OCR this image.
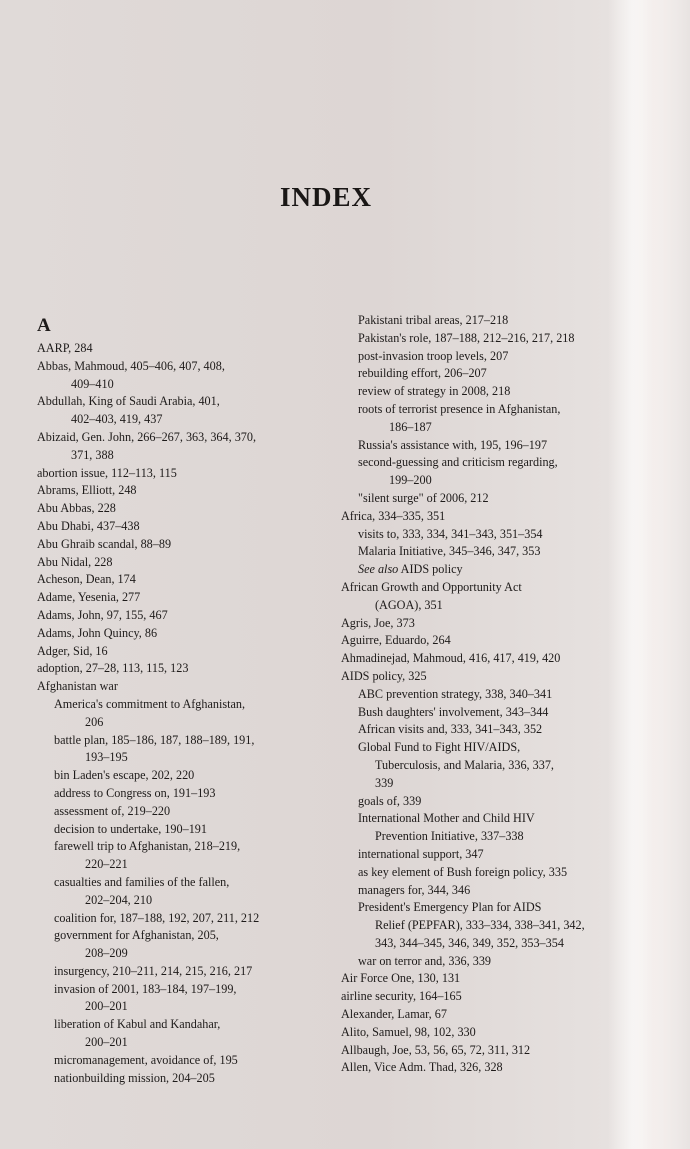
INDEX
A
AARP, 284
Abbas, Mahmoud, 405–406, 407, 408,
409–410
Abdullah, King of Saudi Arabia, 401,
402–403, 419, 437
Abizaid, Gen. John, 266–267, 363, 364, 370,
371, 388
abortion issue, 112–113, 115
Abrams, Elliott, 248
Abu Abbas, 228
Abu Dhabi, 437–438
Abu Ghraib scandal, 88–89
Abu Nidal, 228
Acheson, Dean, 174
Adame, Yesenia, 277
Adams, John, 97, 155, 467
Adams, John Quincy, 86
Adger, Sid, 16
adoption, 27–28, 113, 115, 123
Afghanistan war
America's commitment to Afghanistan,
206
battle plan, 185–186, 187, 188–189, 191,
193–195
bin Laden's escape, 202, 220
address to Congress on, 191–193
assessment of, 219–220
decision to undertake, 190–191
farewell trip to Afghanistan, 218–219,
220–221
casualties and families of the fallen,
202–204, 210
coalition for, 187–188, 192, 207, 211, 212
government for Afghanistan, 205,
208–209
insurgency, 210–211, 214, 215, 216, 217
invasion of 2001, 183–184, 197–199,
200–201
liberation of Kabul and Kandahar,
200–201
micromanagement, avoidance of, 195
nationbuilding mission, 204–205
Pakistani tribal areas, 217–218
Pakistan's role, 187–188, 212–216, 217, 218
post-invasion troop levels, 207
rebuilding effort, 206–207
review of strategy in 2008, 218
roots of terrorist presence in Afghanistan,
186–187
Russia's assistance with, 195, 196–197
second-guessing and criticism regarding,
199–200
"silent surge" of 2006, 212
Africa, 334–335, 351
visits to, 333, 334, 341–343, 351–354
Malaria Initiative, 345–346, 347, 353
See also AIDS policy
African Growth and Opportunity Act
(AGOA), 351
Agris, Joe, 373
Aguirre, Eduardo, 264
Ahmadinejad, Mahmoud, 416, 417, 419, 420
AIDS policy, 325
ABC prevention strategy, 338, 340–341
Bush daughters' involvement, 343–344
African visits and, 333, 341–343, 352
Global Fund to Fight HIV/AIDS,
Tuberculosis, and Malaria, 336, 337,
339
goals of, 339
International Mother and Child HIV
Prevention Initiative, 337–338
international support, 347
as key element of Bush foreign policy, 335
managers for, 344, 346
President's Emergency Plan for AIDS
Relief (PEPFAR), 333–334, 338–341, 342,
343, 344–345, 346, 349, 352, 353–354
war on terror and, 336, 339
Air Force One, 130, 131
airline security, 164–165
Alexander, Lamar, 67
Alito, Samuel, 98, 102, 330
Allbaugh, Joe, 53, 56, 65, 72, 311, 312
Allen, Vice Adm. Thad, 326, 328
